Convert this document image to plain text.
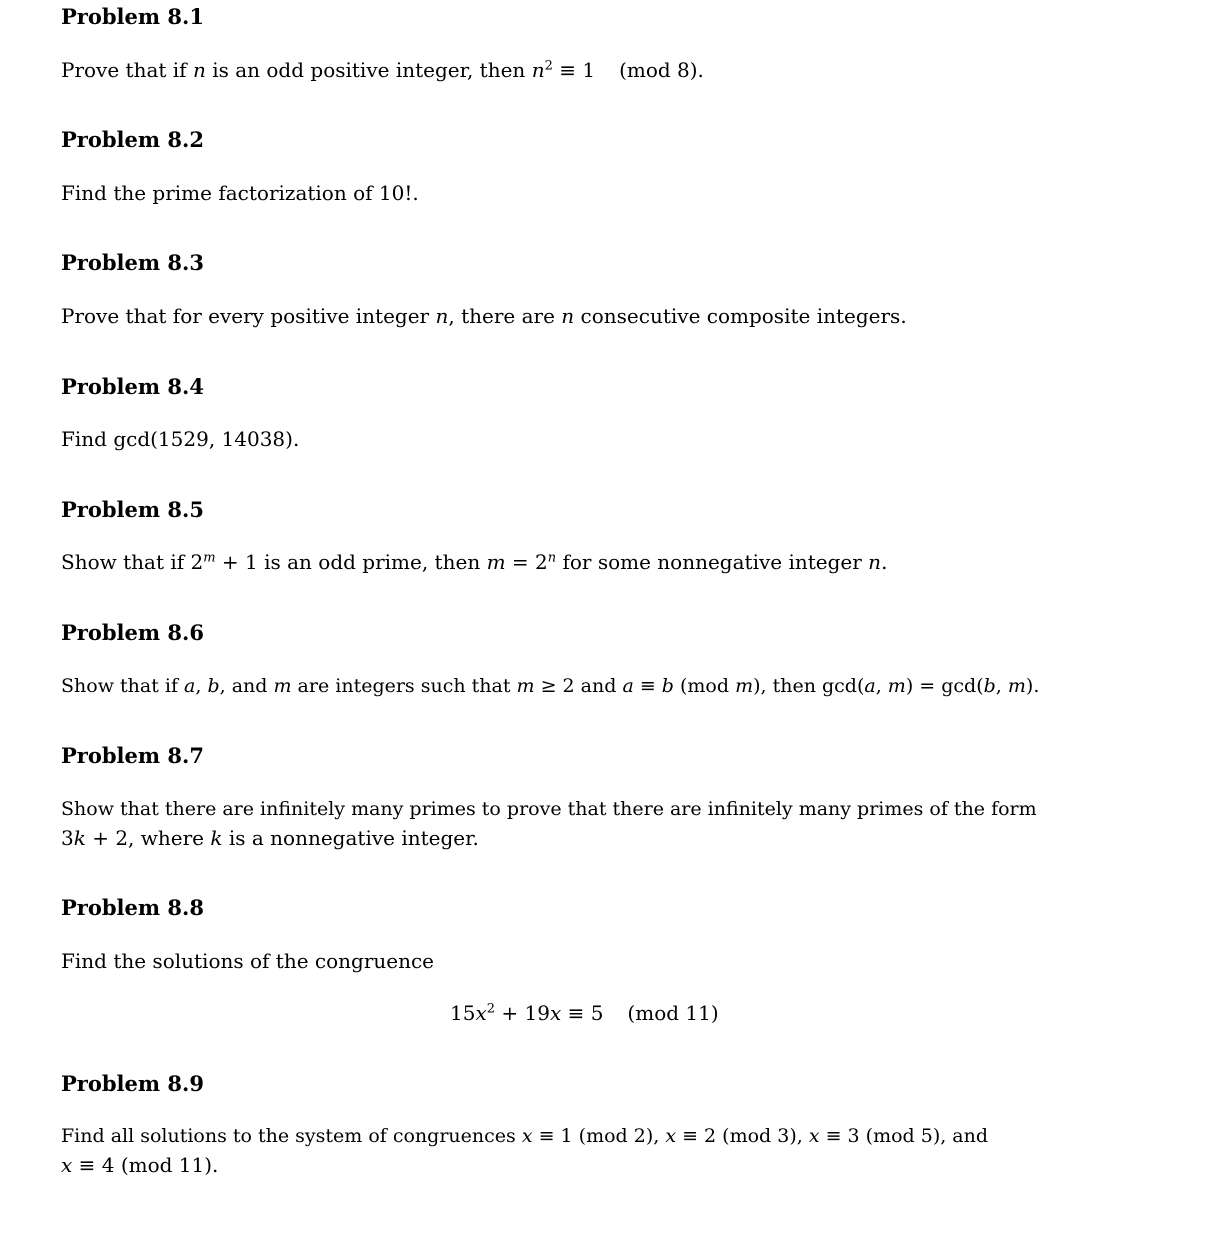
Problem 8.1
Prove that if n is an odd positive integer, then $n^2 \equiv 1$ (mod 8).
Problem 8.2
Find the prime factorization of 10!.
Problem 8.3
Prove that for every positive integer n, there are n consecutive composite integers.
Problem 8.4
Find gcd(1529, 14038).
Problem 8.5
Show that if $2^m + 1$ is an odd prime, then $m = 2^n$ for some nonnegative integer n.
Problem 8.6
Show that if a, b, and m are integers such that m ≥ 2 and a ≡ b (mod m), then gcd(a, m) = gcd(b, m).
Problem 8.7
Show that there are infinitely many primes to prove that there are infinitely many primes of the form
3k + 2, where k is a nonnegative integer.
Problem 8.8
Find the solutions of the congruence
$15x^2 + 19x \equiv 5$ (mod 11)
Problem 8.9
Find all solutions to the system of congruences x ≡ 1 (mod 2), x ≡ 2 (mod 3), x ≡ 3 (mod 5), and
x ≡ 4 (mod 11).
